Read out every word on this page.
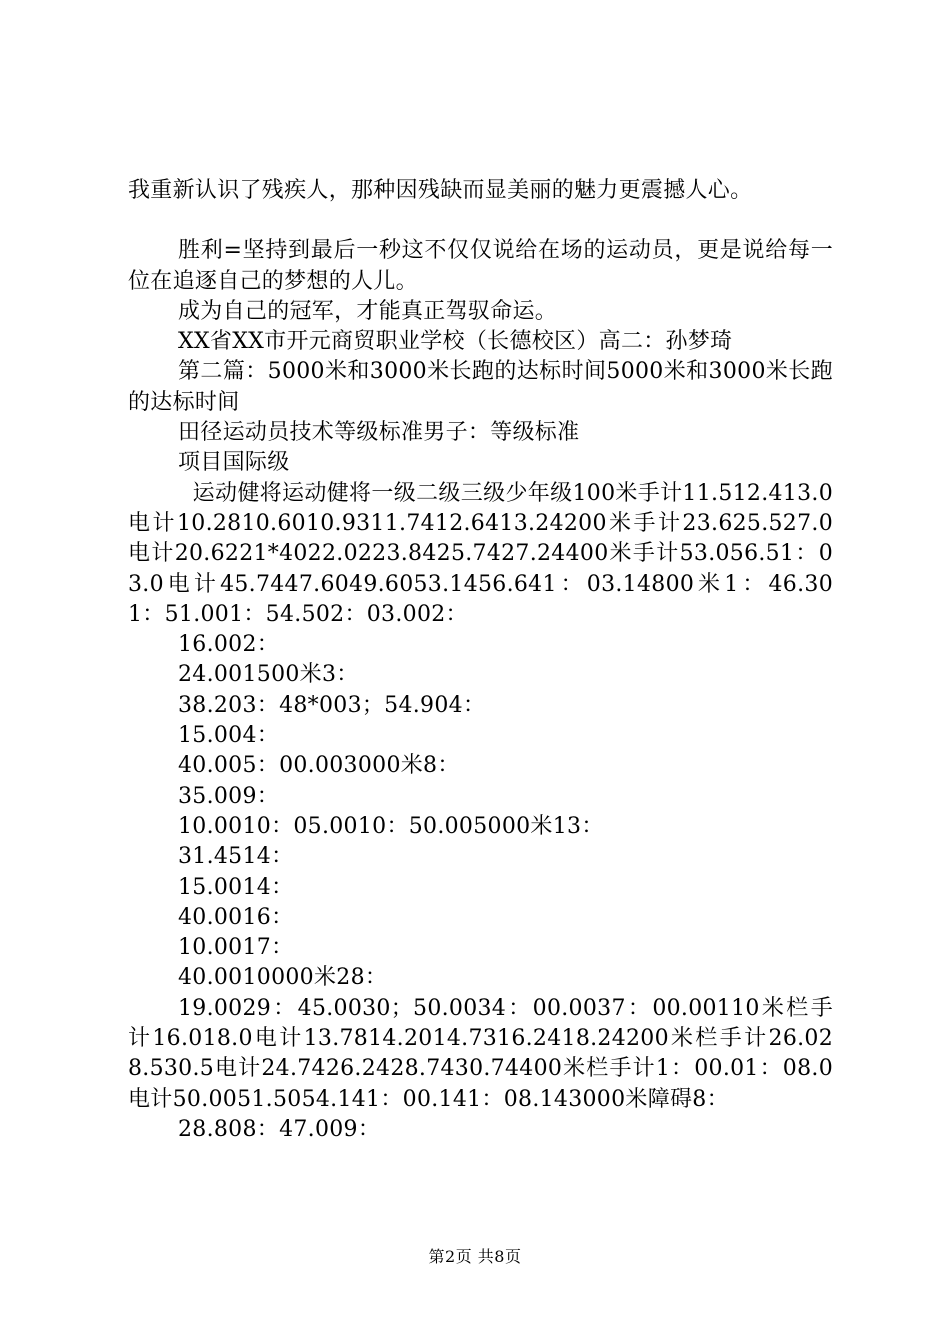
我重新认识了残疾人，那种因残缺而显美丽的魅力更震撼人心。

胜利=坚持到最后一秒这不仅仅说给在场的运动员，更是说给每一位在追逐自己的梦想的人儿。

成为自己的冠军，才能真正驾驭命运。

XX省XX市开元商贸职业学校（长德校区）高二：孙梦琦

第二篇：5000米和3000米长跑的达标时间5000米和3000米长跑的达标时间

田径运动员技术等级标准男子：等级标准

项目国际级

运动健将运动健将一级二级三级少年级100米手计11.512.413.0电计10.2810.6010.9311.7412.6413.24200米手计23.625.527.0电计20.6221*4022.0223.8425.7427.24400米手计53.056.51：03.0电计45.7447.6049.6053.1456.641：03.14800米1：46.301：51.001：54.502：03.002：

16.002：

24.001500米3：

38.203：48*003；54.904：

15.004：

40.005：00.003000米8：

35.009：

10.0010：05.0010：50.005000米13：

31.4514：

15.0014：

40.0016：

10.0017：

40.0010000米28：

19.0029：45.0030；50.0034：00.0037：00.00110米栏手计16.018.0电计13.7814.2014.7316.2418.24200米栏手计26.028.530.5电计24.7426.2428.7430.74400米栏手计1：00.01：08.0电计50.0051.5054.141：00.141：08.143000米障碍8：

28.808：47.009：

第2页 共8页
